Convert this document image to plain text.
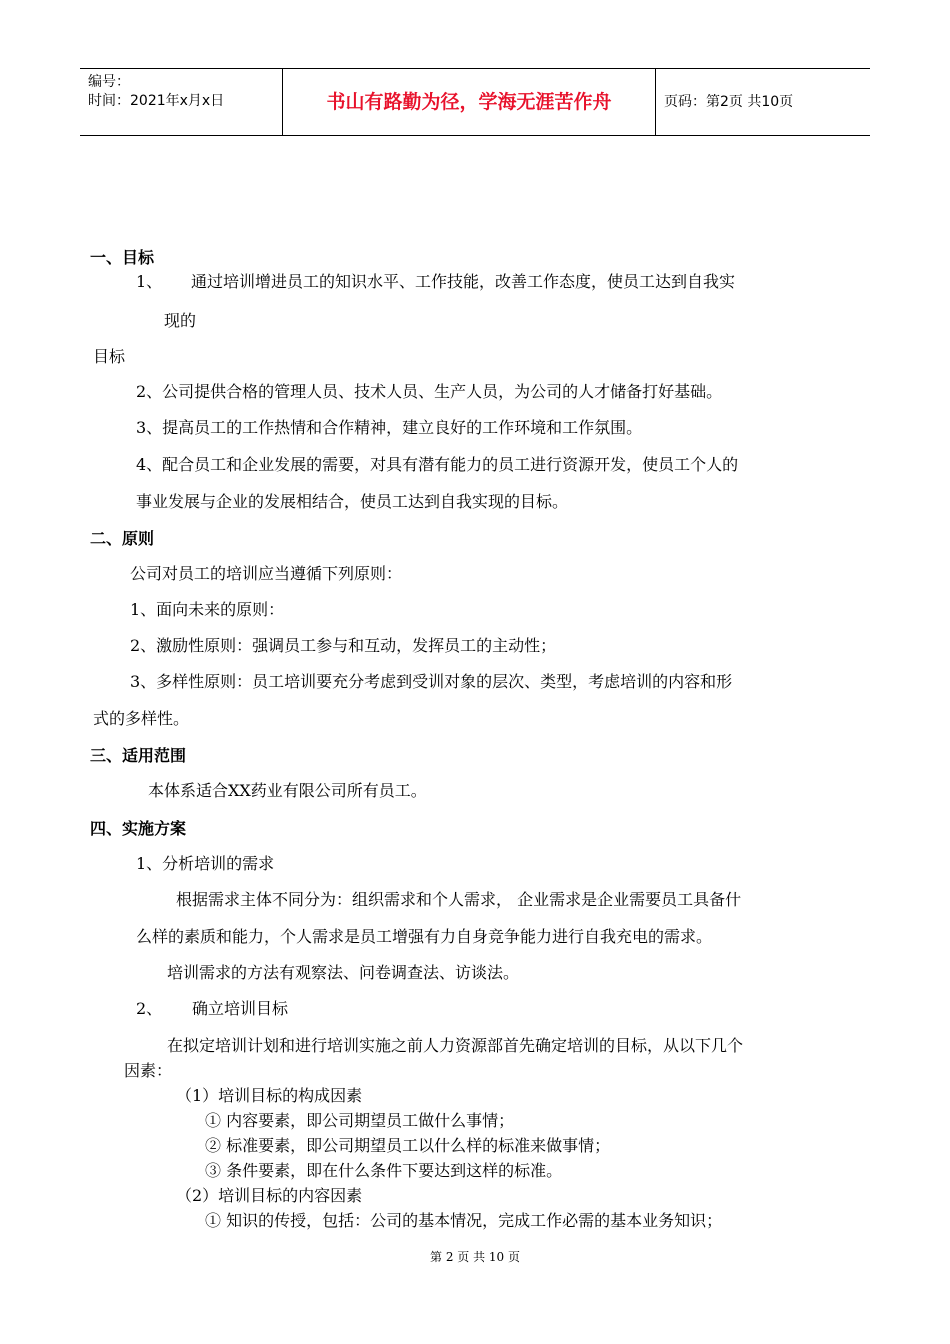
编号：
时间：2021年x月x日	书山有路勤为径，学海无涯苦作舟	页码：第2页 共10页
一、目标
1、 通过培训增进员工的知识水平、工作技能，改善工作态度，使员工达到自我实
现的
目标
2、公司提供合格的管理人员、技术人员、生产人员，为公司的人才储备打好基础。
3、提高员工的工作热情和合作精神，建立良好的工作环境和工作氛围。
4、配合员工和企业发展的需要，对具有潜有能力的员工进行资源开发，使员工个人的
事业发展与企业的发展相结合，使员工达到自我实现的目标。
二、原则
公司对员工的培训应当遵循下列原则：
1、面向未来的原则：
2、激励性原则：强调员工参与和互动，发挥员工的主动性；
3、多样性原则：员工培训要充分考虑到受训对象的层次、类型，考虑培训的内容和形
式的多样性。
三、适用范围
本体系适合XX药业有限公司所有员工。
四、实施方案
1、分析培训的需求
根据需求主体不同分为：组织需求和个人需求， 企业需求是企业需要员工具备什
么样的素质和能力，个人需求是员工增强有力自身竞争能力进行自我充电的需求。
培训需求的方法有观察法、问卷调查法、访谈法。
2、 确立培训目标
在拟定培训计划和进行培训实施之前人力资源部首先确定培训的目标，从以下几个
因素：
（1）培训目标的构成因素
① 内容要素，即公司期望员工做什么事情；
② 标准要素，即公司期望员工以什么样的标准来做事情；
③ 条件要素，即在什么条件下要达到这样的标准。
（2）培训目标的内容因素
① 知识的传授，包括：公司的基本情况，完成工作必需的基本业务知识；
第 2 页 共 10 页
